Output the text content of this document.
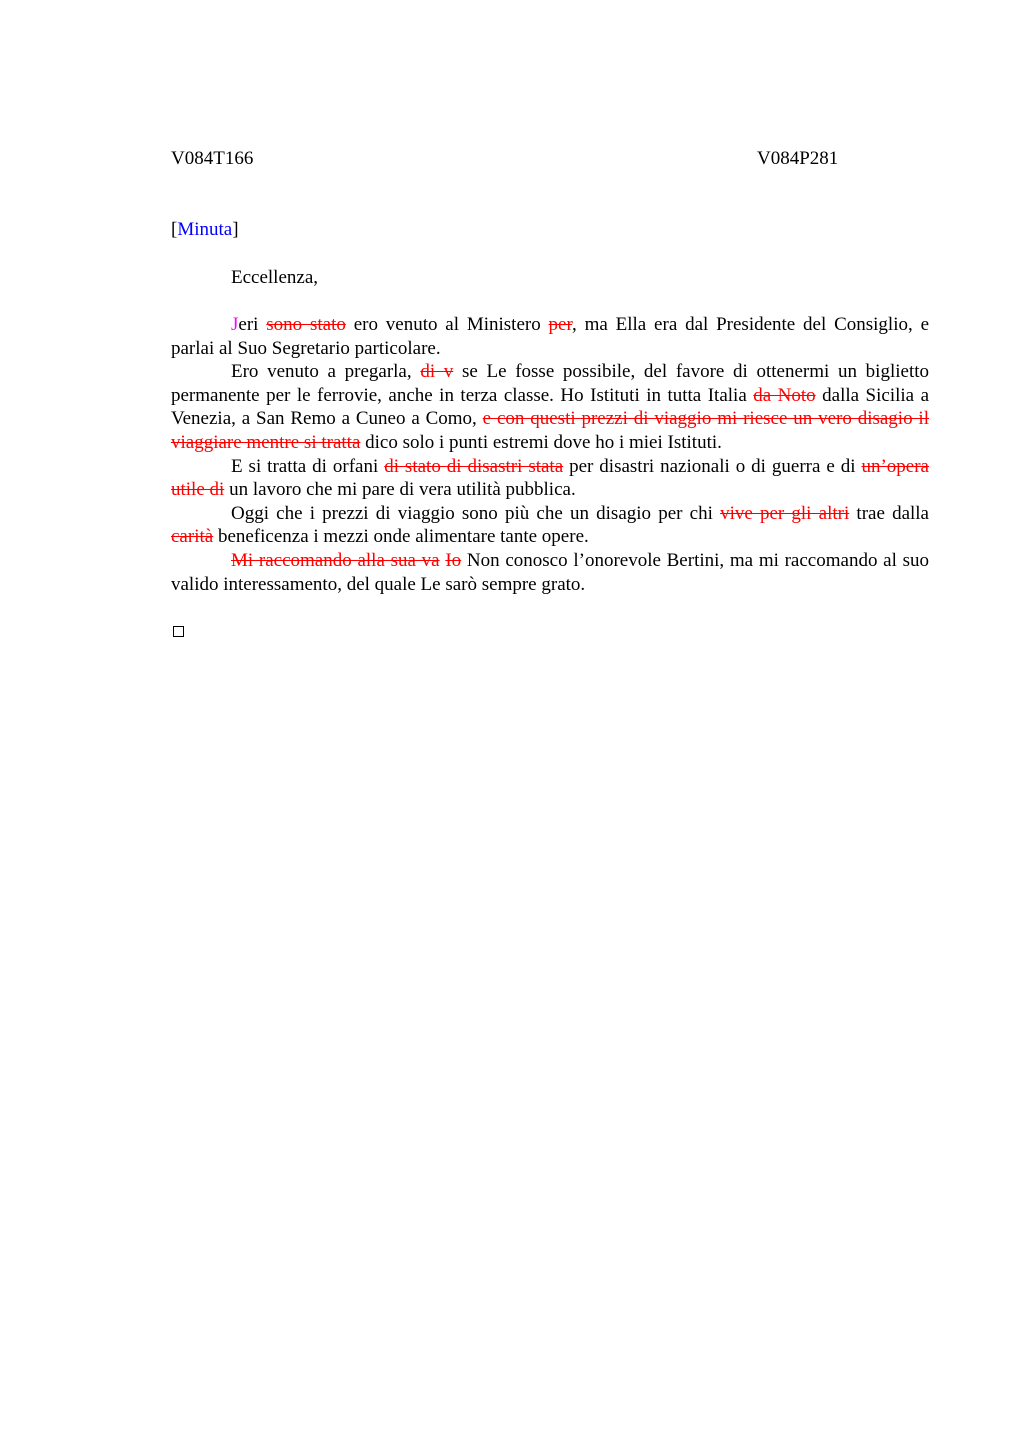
V084T166	V084P281
[Minuta]
Eccellenza,

Jeri sono stato ero venuto al Ministero per, ma Ella era dal Presidente del Consiglio, e parlai al Suo Segretario particolare.

Ero venuto a pregarla, di v se Le fosse possibile, del favore di ottenermi un biglietto permanente per le ferrovie, anche in terza classe. Ho Istituti in tutta Italia da Noto dalla Sicilia a Venezia, a San Remo a Cuneo a Como, e con questi prezzi di viaggio mi riesce un vero disagio il viaggiare mentre si tratta dico solo i punti estremi dove ho i miei Istituti.

E si tratta di orfani di stato di disastri stata per disastri nazionali o di guerra e di un’opera utile di un lavoro che mi pare di vera utilità pubblica.

Oggi che i prezzi di viaggio sono più che un disagio per chi vive per gli altri trae dalla carità beneficenza i mezzi onde alimentare tante opere.

Mi raccomando alla sua va Io Non conosco l’onorevole Bertini, ma mi raccomando al suo valido interessamento, del quale Le sarò sempre grato.
